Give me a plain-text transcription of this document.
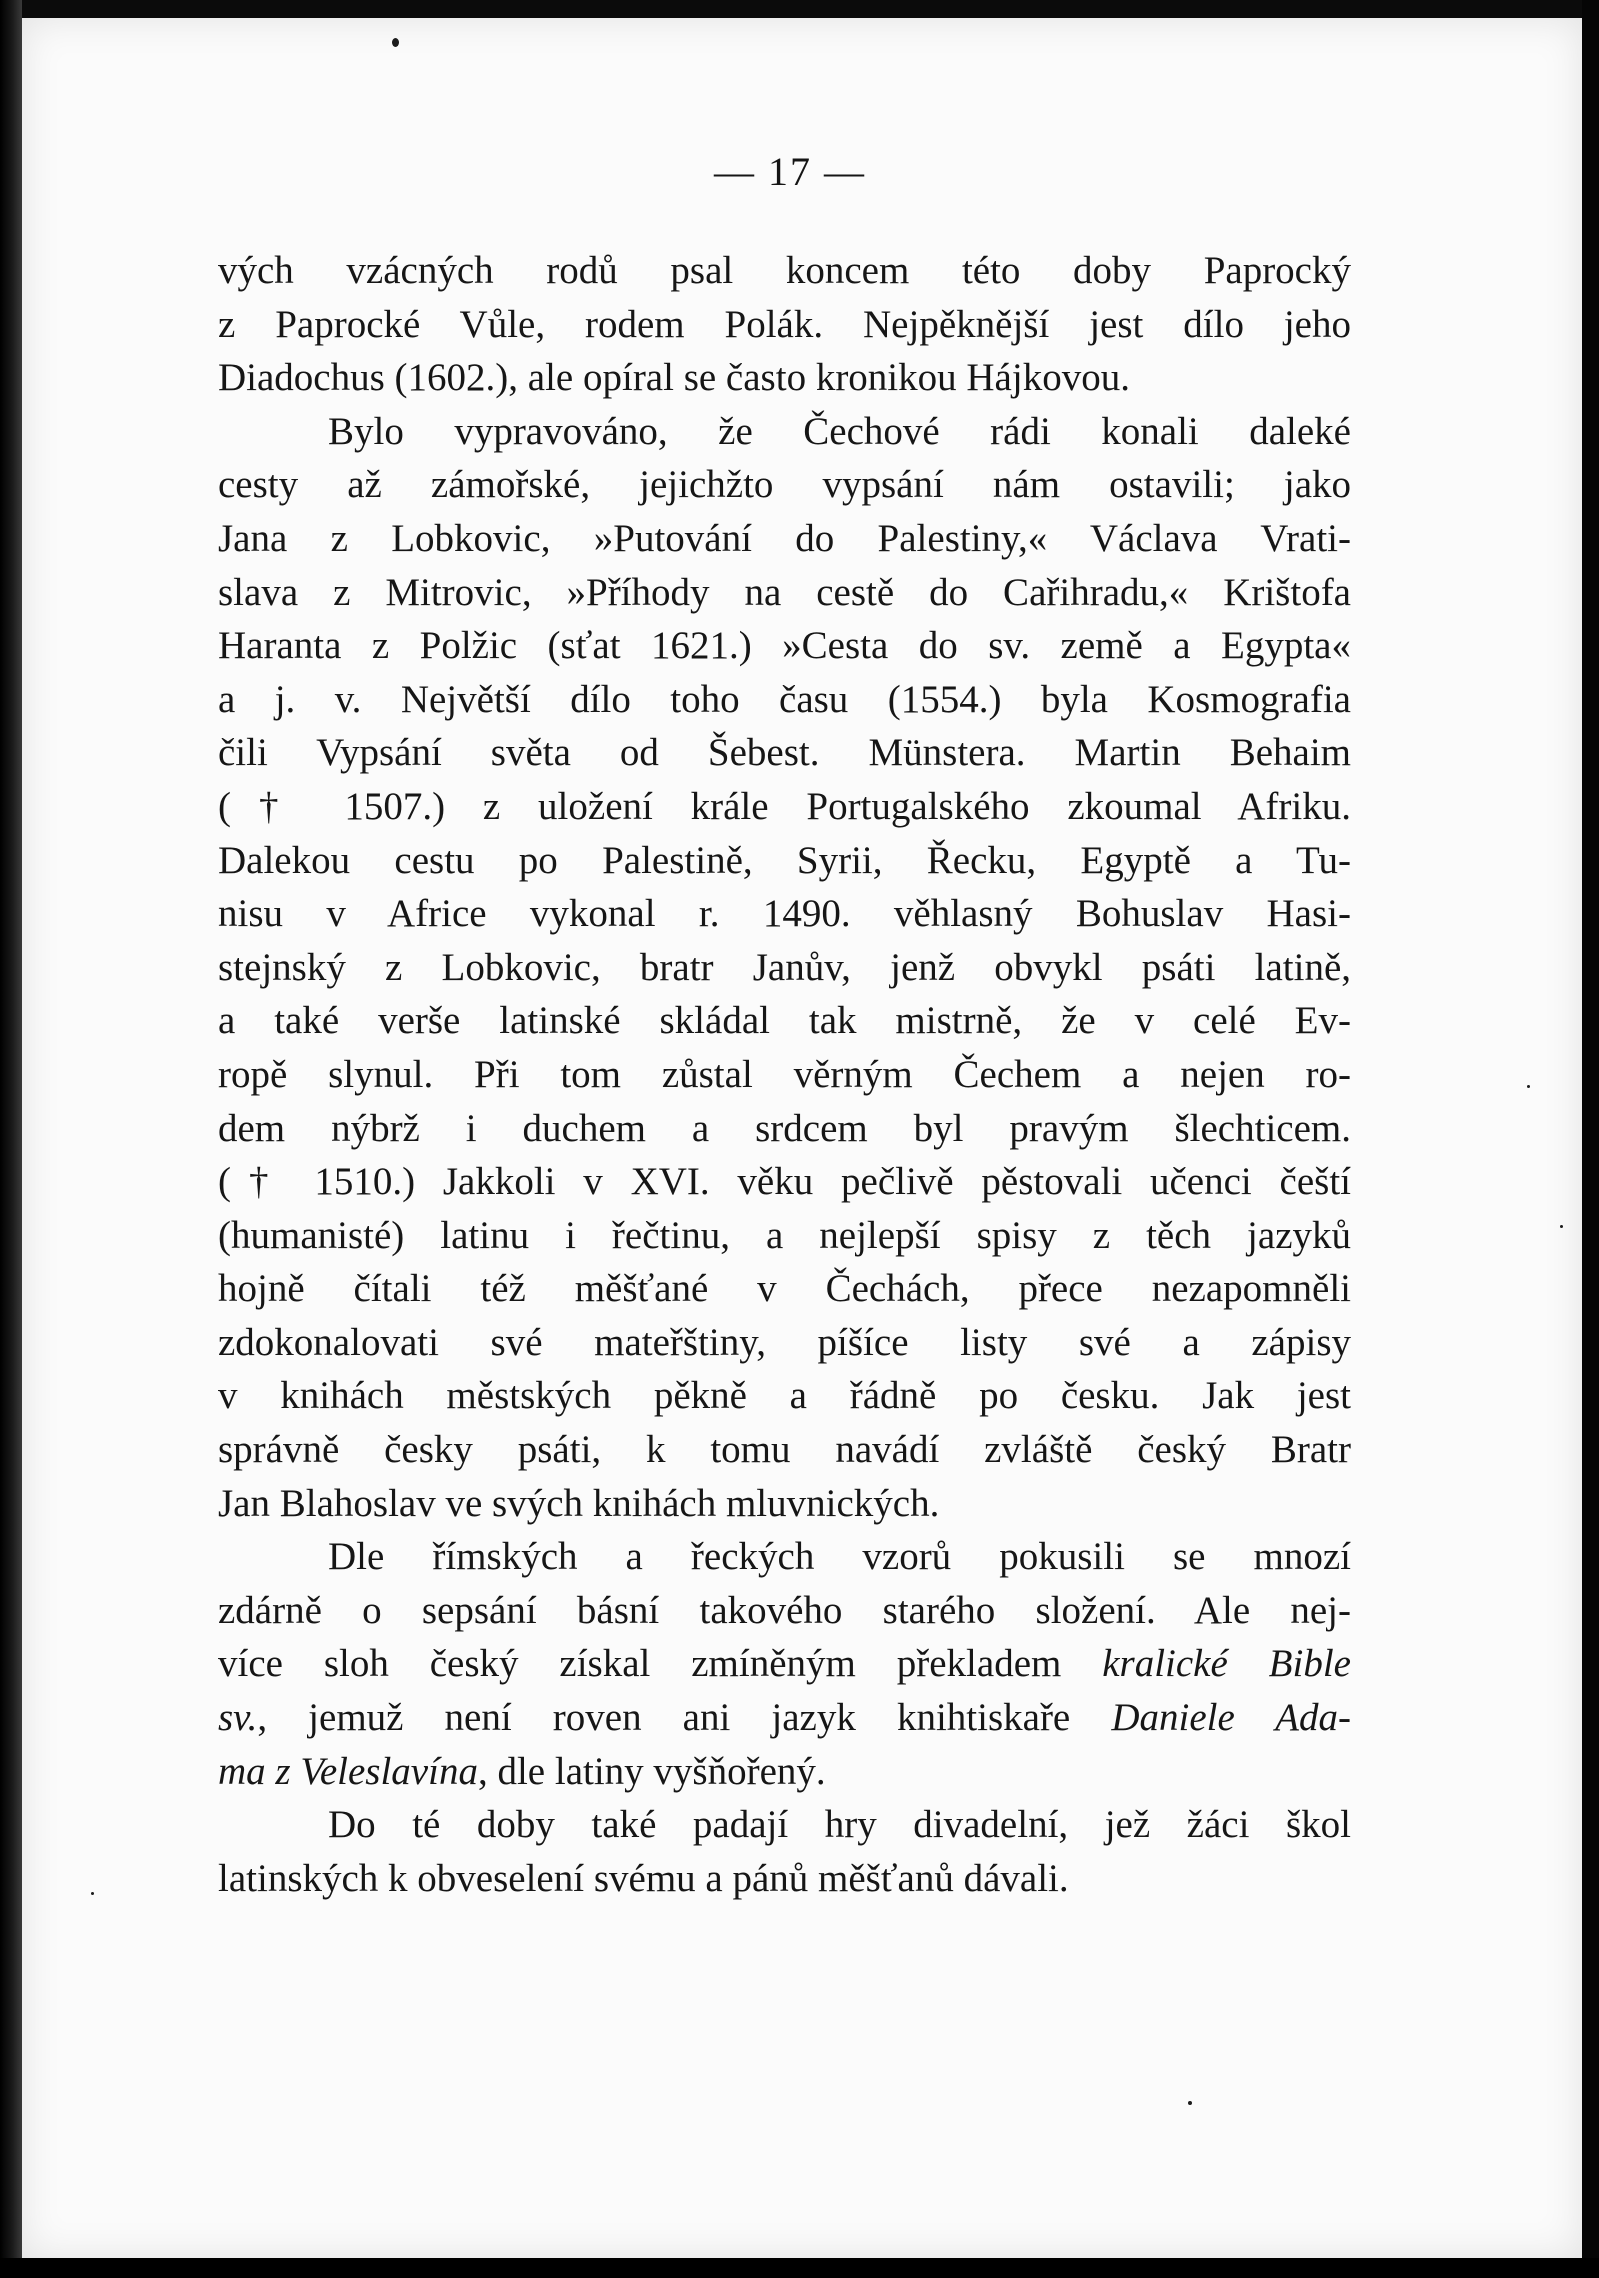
— 17 —
vých vzácných rodů psal koncem této doby Paprocký
z Paprocké Vůle, rodem Polák. Nejpěknější jest dílo jeho
Diadochus (1602.), ale opíral se často kronikou Hájkovou.
Bylo vypravováno, že Čechové rádi konali daleké
cesty až zámořské, jejichžto vypsání nám ostavili; jako
Jana z Lobkovic, »Putování do Palestiny,« Václava Vrati-
slava z Mitrovic, »Příhody na cestě do Cařihradu,« Krištofa
Haranta z Polžic (sťat 1621.) »Cesta do sv. země a Egypta«
a j. v. Největší dílo toho času (1554.) byla Kosmografia
čili Vypsání světa od Šebest. Münstera. Martin Behaim
(† 1507.) z uložení krále Portugalského zkoumal Afriku.
Dalekou cestu po Palestině, Syrii, Řecku, Egyptě a Tu-
nisu v Africe vykonal r. 1490. věhlasný Bohuslav Hasi-
stejnský z Lobkovic, bratr Janův, jenž obvykl psáti latině,
a také verše latinské skládal tak mistrně, že v celé Ev-
ropě slynul. Při tom zůstal věrným Čechem a nejen ro-
dem nýbrž i duchem a srdcem byl pravým šlechticem.
(† 1510.) Jakkoli v XVI. věku pečlivě pěstovali učenci čeští
(humanisté) latinu i řečtinu, a nejlepší spisy z těch jazyků
hojně čítali též měšťané v Čechách, přece nezapomněli
zdokonalovati své mateřštiny, píšíce listy své a zápisy
v knihách městských pěkně a řádně po česku. Jak jest
správně česky psáti, k tomu navádí zvláště český Bratr
Jan Blahoslav ve svých knihách mluvnických.
Dle římských a řeckých vzorů pokusili se mnozí
zdárně o sepsání básní takového starého složení. Ale nej-
více sloh český získal zmíněným překladem kralické Bible
sv., jemuž není roven ani jazyk knihtiskaře Daniele Ada-
ma z Veleslavína, dle latiny vyšňořený.
Do té doby také padají hry divadelní, jež žáci škol
latinských k obveselení svému a pánů měšťanů dávali.
